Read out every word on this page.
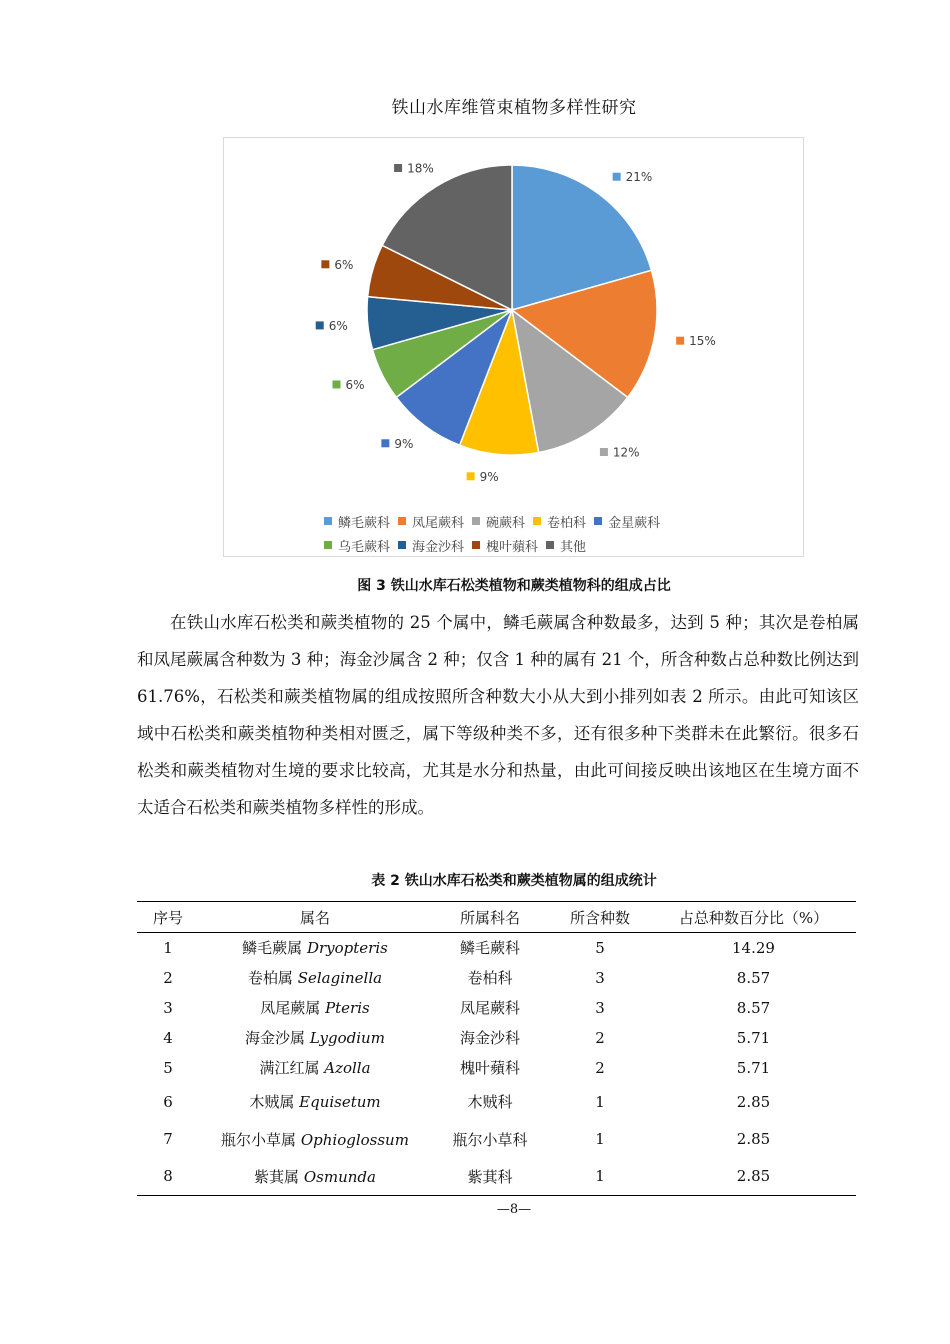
铁山水库维管束植物多样性研究
21%
15%
12%
9%
9%
6%
6%
6%
18%
鳞毛蕨科 凤尾蕨科 碗蕨科 卷柏科 金星蕨科
乌毛蕨科 海金沙科 槐叶蘋科 其他
图 3 铁山水库石松类植物和蕨类植物科的组成占比
在铁山水库石松类和蕨类植物的 25 个属中，鳞毛蕨属含种数最多，达到 5 种；其次是卷柏属和凤尾蕨属含种数为 3 种；海金沙属含 2 种；仅含 1 种的属有 21 个，所含种数占总种数比例达到 61.76%，石松类和蕨类植物属的组成按照所含种数大小从大到小排列如表 2 所示。由此可知该区域中石松类和蕨类植物种类相对匮乏，属下等级种类不多，还有很多种下类群未在此繁衍。很多石松类和蕨类植物对生境的要求比较高，尤其是水分和热量，由此可间接反映出该地区在生境方面不太适合石松类和蕨类植物多样性的形成。
表 2 铁山水库石松类和蕨类植物属的组成统计
序号	属名	所属科名	所含种数	占总种数百分比（%）
1	鳞毛蕨属 Dryopteris	鳞毛蕨科	5	14.29
2	卷柏属 Selaginella	卷柏科	3	8.57
3	凤尾蕨属 Pteris	凤尾蕨科	3	8.57
4	海金沙属 Lygodium	海金沙科	2	5.71
5	满江红属 Azolla	槐叶蘋科	2	5.71
6	木贼属 Equisetum	木贼科	1	2.85
7	瓶尔小草属 Ophioglossum	瓶尔小草科	1	2.85
8	紫萁属 Osmunda	紫萁科	1	2.85
—8—
